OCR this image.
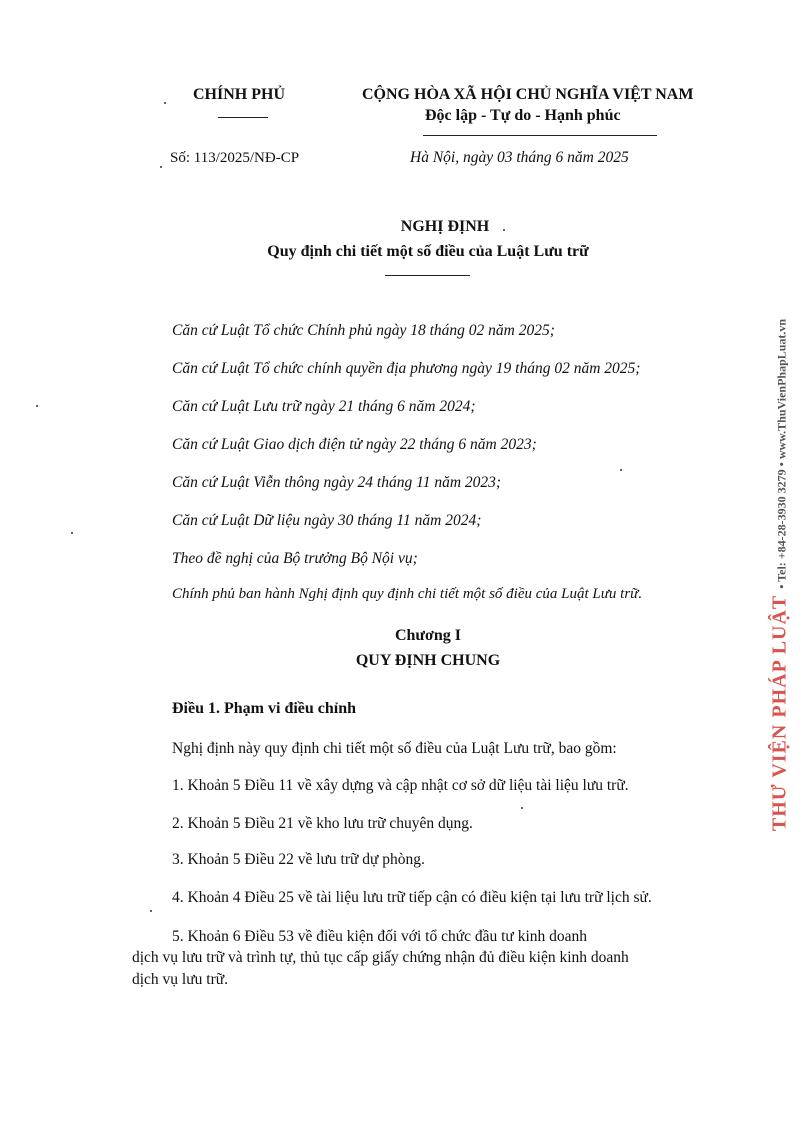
CHÍNH PHỦ	CỘNG HÒA XÃ HỘI CHỦ NGHĨA VIỆT NAM
Độc lập - Tự do - Hạnh phúc
Số: 113/2025/NĐ-CP	Hà Nội, ngày 03 tháng 6 năm 2025
NGHỊ ĐỊNH
Quy định chi tiết một số điều của Luật Lưu trữ
Căn cứ Luật Tổ chức Chính phủ ngày 18 tháng 02 năm 2025;
Căn cứ Luật Tổ chức chính quyền địa phương ngày 19 tháng 02 năm 2025;
Căn cứ Luật Lưu trữ ngày 21 tháng 6 năm 2024;
Căn cứ Luật Giao dịch điện tử ngày 22 tháng 6 năm 2023;
Căn cứ Luật Viễn thông ngày 24 tháng 11 năm 2023;
Căn cứ Luật Dữ liệu ngày 30 tháng 11 năm 2024;
Theo đề nghị của Bộ trưởng Bộ Nội vụ;
Chính phủ ban hành Nghị định quy định chi tiết một số điều của Luật Lưu trữ.
Chương I
QUY ĐỊNH CHUNG
Điều 1. Phạm vi điều chỉnh
Nghị định này quy định chi tiết một số điều của Luật Lưu trữ, bao gồm:
1. Khoản 5 Điều 11 về xây dựng và cập nhật cơ sở dữ liệu tài liệu lưu trữ.
2. Khoản 5 Điều 21 về kho lưu trữ chuyên dụng.
3. Khoản 5 Điều 22 về lưu trữ dự phòng.
4. Khoản 4 Điều 25 về tài liệu lưu trữ tiếp cận có điều kiện tại lưu trữ lịch sử.
5. Khoản 6 Điều 53 về điều kiện đối với tổ chức đầu tư kinh doanh
dịch vụ lưu trữ và trình tự, thủ tục cấp giấy chứng nhận đủ điều kiện kinh doanh
dịch vụ lưu trữ.
THƯ VIỆN PHÁP LUẬT• Tel: +84-28-3930 3279 • www.ThuVienPhapLuat.vn
